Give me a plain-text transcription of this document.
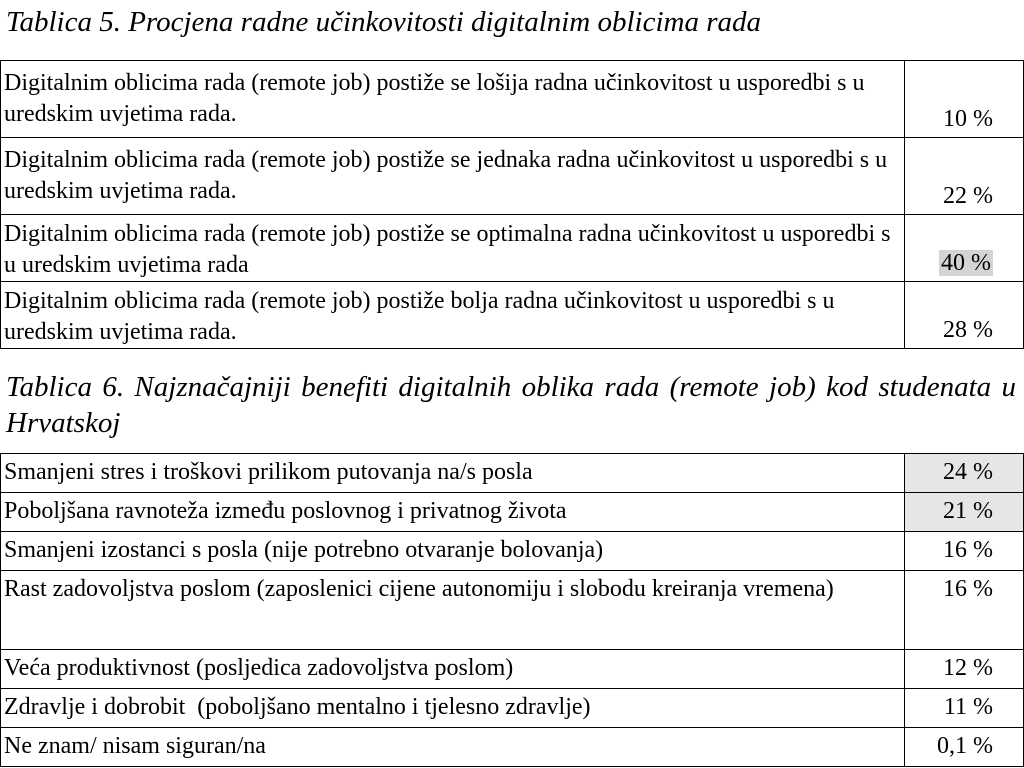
Tablica 5. Procjena radne učinkovitosti digitalnim oblicima rada
Digitalnim oblicima rada (remote job) postiže se lošija radna učinkovitost u usporedbi s u uredskim uvjetima rada.	10 %
Digitalnim oblicima rada (remote job) postiže se jednaka radna učinkovitost u usporedbi s u uredskim uvjetima rada.	22 %
Digitalnim oblicima rada (remote job) postiže se optimalna radna učinkovitost u usporedbi s u uredskim uvjetima rada	40 %
Digitalnim oblicima rada (remote job) postiže bolja radna učinkovitost u usporedbi s u uredskim uvjetima rada.	28 %
Tablica 6. Najznačajniji benefiti digitalnih oblika rada (remote job) kod studenata u Hrvatskoj
Smanjeni stres i troškovi prilikom putovanja na/s posla	24 %
Poboljšana ravnoteža između poslovnog i privatnog života	21 %
Smanjeni izostanci s posla (nije potrebno otvaranje bolovanja)	16 %
Rast zadovoljstva poslom (zaposlenici cijene autonomiju i slobodu kreiranja vremena)	16 %
Veća produktivnost (posljedica zadovoljstva poslom)	12 %
Zdravlje i dobrobit  (poboljšano mentalno i tjelesno zdravlje)	11 %
Ne znam/ nisam siguran/na	0,1 %
